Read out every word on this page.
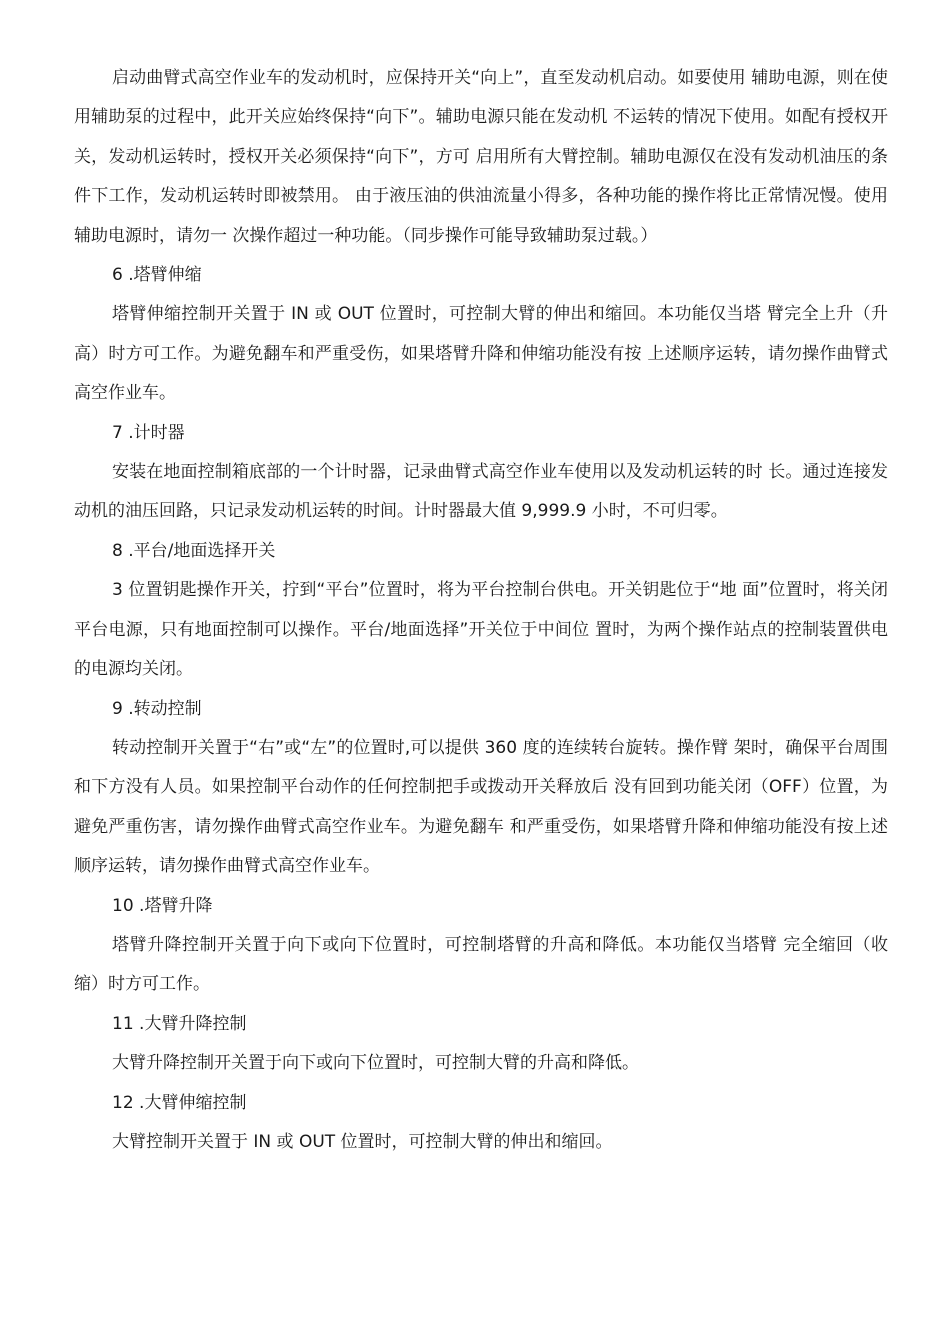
启动曲臂式高空作业车的发动机时，应保持开关“向上”，直至发动机启动。如要使用 辅助电源，则在使用辅助泵的过程中，此开关应始终保持“向下”。辅助电源只能在发动机 不运转的情况下使用。如配有授权开关，发动机运转时，授权开关必须保持“向下”，方可 启用所有大臂控制。辅助电源仅在没有发动机油压的条件下工作，发动机运转时即被禁用。 由于液压油的供油流量小得多，各种功能的操作将比正常情况慢。使用辅助电源时，请勿一 次操作超过一种功能。（同步操作可能导致辅助泵过载。）

6 .塔臂伸缩

塔臂伸缩控制开关置于 IN 或 OUT 位置时，可控制大臂的伸出和缩回。本功能仅当塔 臂完全上升（升高）时方可工作。为避免翻车和严重受伤，如果塔臂升降和伸缩功能没有按 上述顺序运转，请勿操作曲臂式高空作业车。

7 .计时器

安装在地面控制箱底部的一个计时器，记录曲臂式高空作业车使用以及发动机运转的时 长。通过连接发动机的油压回路，只记录发动机运转的时间。计时器最大值 9,999.9 小时，不可归零。

8 .平台/地面选择开关

3 位置钥匙操作开关，拧到“平台”位置时，将为平台控制台供电。开关钥匙位于“地 面”位置时，将关闭平台电源，只有地面控制可以操作。平台/地面选择”开关位于中间位 置时，为两个操作站点的控制装置供电的电源均关闭。

9 .转动控制

转动控制开关置于“右”或“左”的位置时,可以提供 360 度的连续转台旋转。操作臂 架时，确保平台周围和下方没有人员。如果控制平台动作的任何控制把手或拨动开关释放后 没有回到功能关闭（OFF）位置，为避免严重伤害，请勿操作曲臂式高空作业车。为避免翻车 和严重受伤，如果塔臂升降和伸缩功能没有按上述顺序运转，请勿操作曲臂式高空作业车。

10 .塔臂升降

塔臂升降控制开关置于向下或向下位置时，可控制塔臂的升高和降低。本功能仅当塔臂 完全缩回（收缩）时方可工作。

11 .大臂升降控制

大臂升降控制开关置于向下或向下位置时，可控制大臂的升高和降低。

12 .大臂伸缩控制

大臂控制开关置于 IN 或 OUT 位置时，可控制大臂的伸出和缩回。
